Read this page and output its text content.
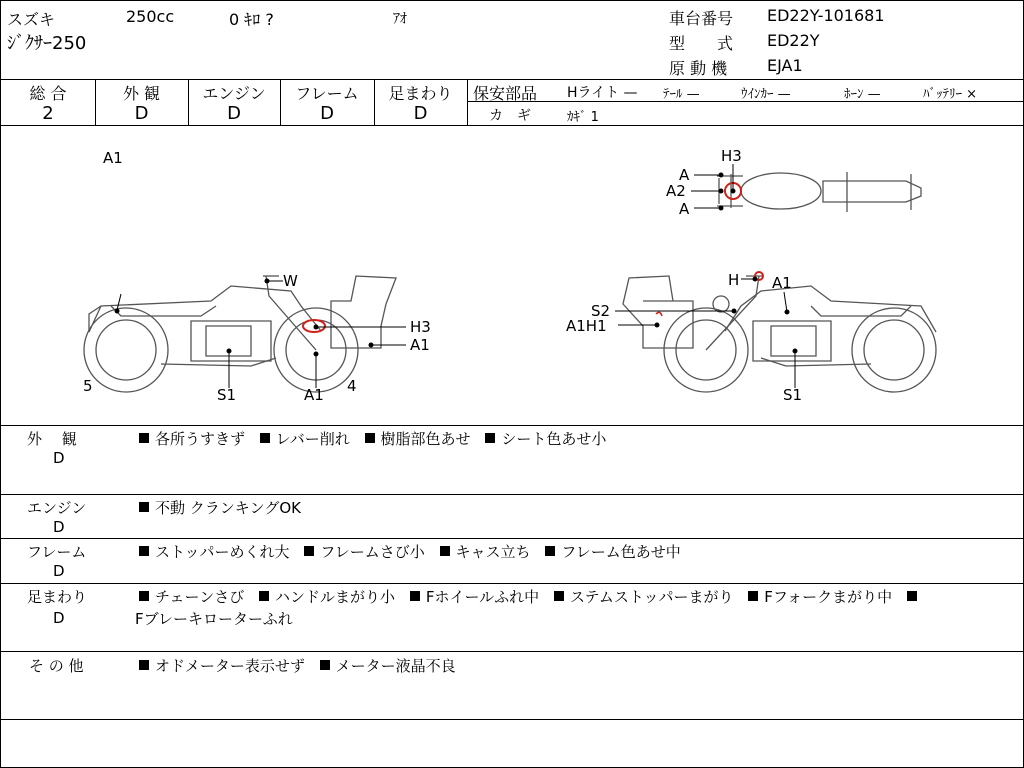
スズキ	250cc	0 ｷﾛ ?	ｱｵ
ｼﾞｸｻｰ250
車台番号 ED22Y-101681
型　　式 ED22Y
原 動 機 EJA1
総 合	外 観	エンジン	フレーム	足まわり
2	D	D	D	D
保安部品 Hライト — ﾃｰﾙ —	ｳｲﾝｶｰ —	ﾎｰﾝ —	ﾊﾞｯﾃﾘｰ ×
カ　ギ	ｶｷﾞ 1
A1
W
H3
A1
5	S1	A1 4
H A1
S2
A1H1
S1
H3
A
A2
A
外　 観
D
各所うすきず レバー削れ 樹脂部色あせ シート色あせ小
エンジン
D
不動 クランキングOK
フレーム
D
ストッパーめくれ大 フレームさび小 キャス立ち フレーム色あせ中
足まわり
D
チェーンさび ハンドルまがり小 Fホイールふれ中 ステムストッパーまがり Fフォークまがり中
Fブレーキローターふれ
そ の 他	オドメーター表示せず メーター液晶不良
